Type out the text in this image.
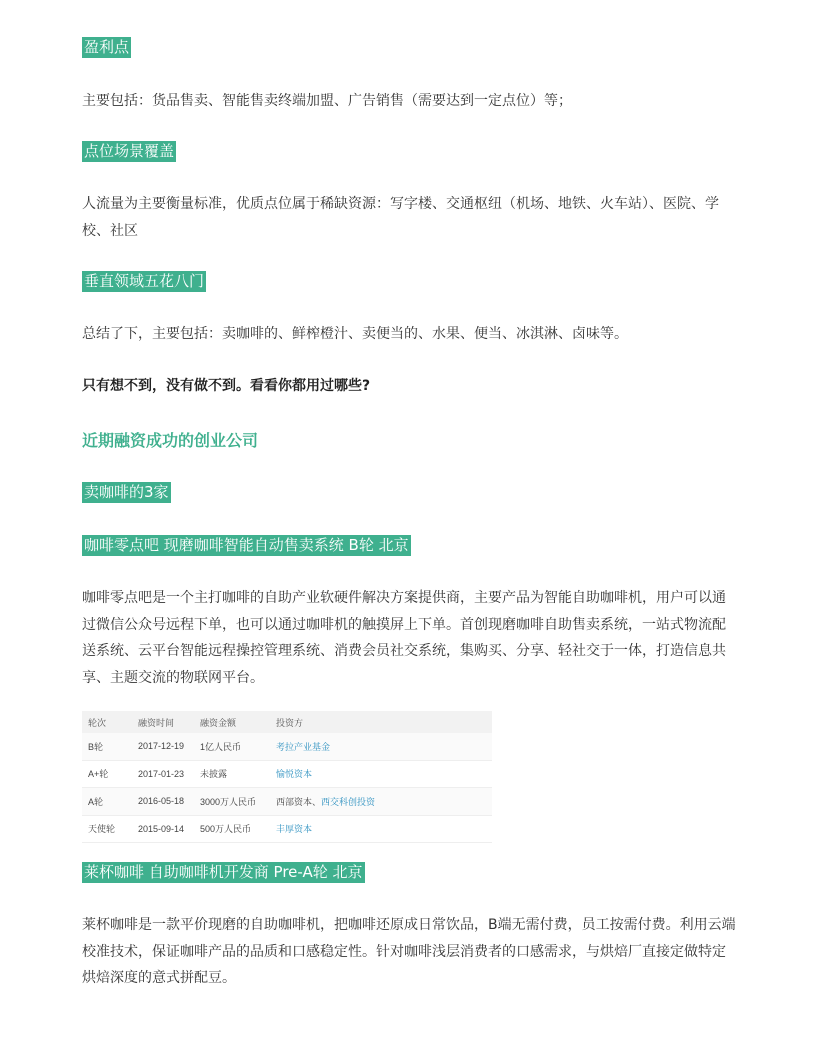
盈利点
主要包括：货品售卖、智能售卖终端加盟、广告销售（需要达到一定点位）等；
点位场景覆盖
人流量为主要衡量标准，优质点位属于稀缺资源：写字楼、交通枢纽（机场、地铁、火车站）、医院、学校、社区
垂直领域五花八门
总结了下，主要包括：卖咖啡的、鲜榨橙汁、卖便当的、水果、便当、冰淇淋、卤味等。
只有想不到，没有做不到。看看你都用过哪些?
近期融资成功的创业公司
卖咖啡的3家
咖啡零点吧 现磨咖啡智能自动售卖系统 B轮 北京
咖啡零点吧是一个主打咖啡的自助产业软硬件解决方案提供商，主要产品为智能自助咖啡机，用户可以通过微信公众号远程下单，也可以通过咖啡机的触摸屏上下单。首创现磨咖啡自助售卖系统，一站式物流配送系统、云平台智能远程操控管理系统、消费会员社交系统，集购买、分享、轻社交于一体，打造信息共享、主题交流的物联网平台。
轮次	融资时间	融资金额	投资方
B轮	2017-12-19	1亿人民币	考拉产业基金
A+轮	2017-01-23	未披露	愉悦资本
A轮	2016-05-18	3000万人民币	西部资本、西交科创投资
天使轮	2015-09-14	500万人民币	丰厚资本
莱杯咖啡 自助咖啡机开发商 Pre-A轮 北京
莱杯咖啡是一款平价现磨的自助咖啡机，把咖啡还原成日常饮品，B端无需付费，员工按需付费。利用云端校准技术，保证咖啡产品的品质和口感稳定性。针对咖啡浅层消费者的口感需求，与烘焙厂直接定做特定烘焙深度的意式拼配豆。
